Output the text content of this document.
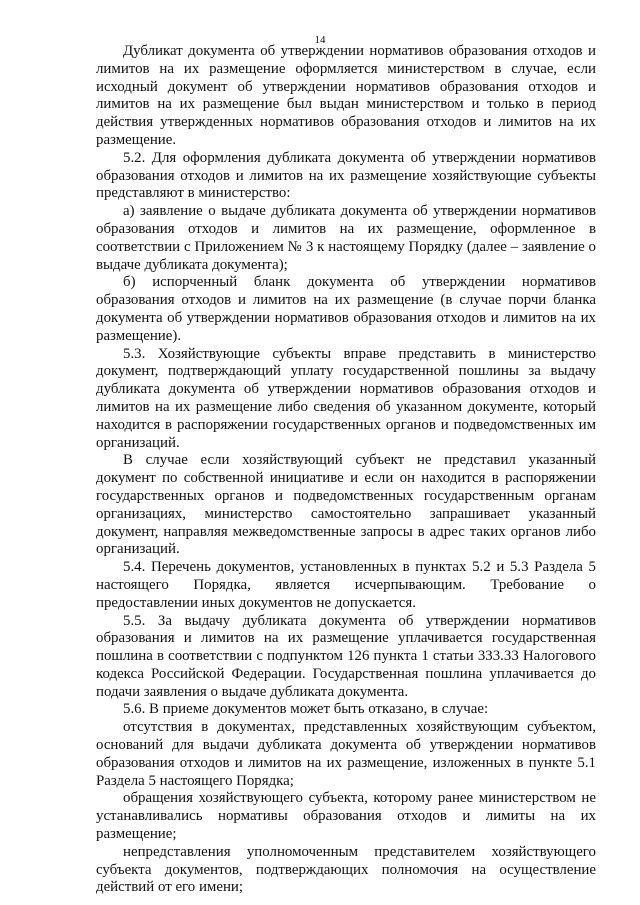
14

Дубликат документа об утверждении нормативов образования отходов и лимитов на их размещение оформляется министерством в случае, если исходный документ об утверждении нормативов образования отходов и лимитов на их размещение был выдан министерством и только в период действия утвержденных нормативов образования отходов и лимитов на их размещение.

5.2. Для оформления дубликата документа об утверждении нормативов образования отходов и лимитов на их размещение хозяйствующие субъекты представляют в министерство:

а) заявление о выдаче дубликата документа об утверждении нормативов образования отходов и лимитов на их размещение, оформленное в соответствии с Приложением № 3 к настоящему Порядку (далее – заявление о выдаче дубликата документа);

б) испорченный бланк документа об утверждении нормативов образования отходов и лимитов на их размещение (в случае порчи бланка документа об утверждении нормативов образования отходов и лимитов на их размещение).

5.3. Хозяйствующие субъекты вправе представить в министерство документ, подтверждающий уплату государственной пошлины за выдачу дубликата документа об утверждении нормативов образования отходов и лимитов на их размещение либо сведения об указанном документе, который находится в распоряжении государственных органов и подведомственных им организаций.

В случае если хозяйствующий субъект не представил указанный документ по собственной инициативе и если он находится в распоряжении государственных органов и подведомственных государственным органам организациях, министерство самостоятельно запрашивает указанный документ, направляя межведомственные запросы в адрес таких органов либо организаций.

5.4. Перечень документов, установленных в пунктах 5.2 и 5.3 Раздела 5 настоящего Порядка, является исчерпывающим. Требование о предоставлении иных документов не допускается.

5.5. За выдачу дубликата документа об утверждении нормативов образования и лимитов на их размещение уплачивается государственная пошлина в соответствии с подпунктом 126 пункта 1 статьи 333.33 Налогового кодекса Российской Федерации. Государственная пошлина уплачивается до подачи заявления о выдаче дубликата документа.

5.6. В приеме документов может быть отказано, в случае:

отсутствия в документах, представленных хозяйствующим субъектом, оснований для выдачи дубликата документа об утверждении нормативов образования отходов и лимитов на их размещение, изложенных в пункте 5.1 Раздела 5 настоящего Порядка;

обращения хозяйствующего субъекта, которому ранее министерством не устанавливались нормативы образования отходов и лимиты на их размещение;

непредставления уполномоченным представителем хозяйствующего субъекта документов, подтверждающих полномочия на осуществление действий от его имени;
